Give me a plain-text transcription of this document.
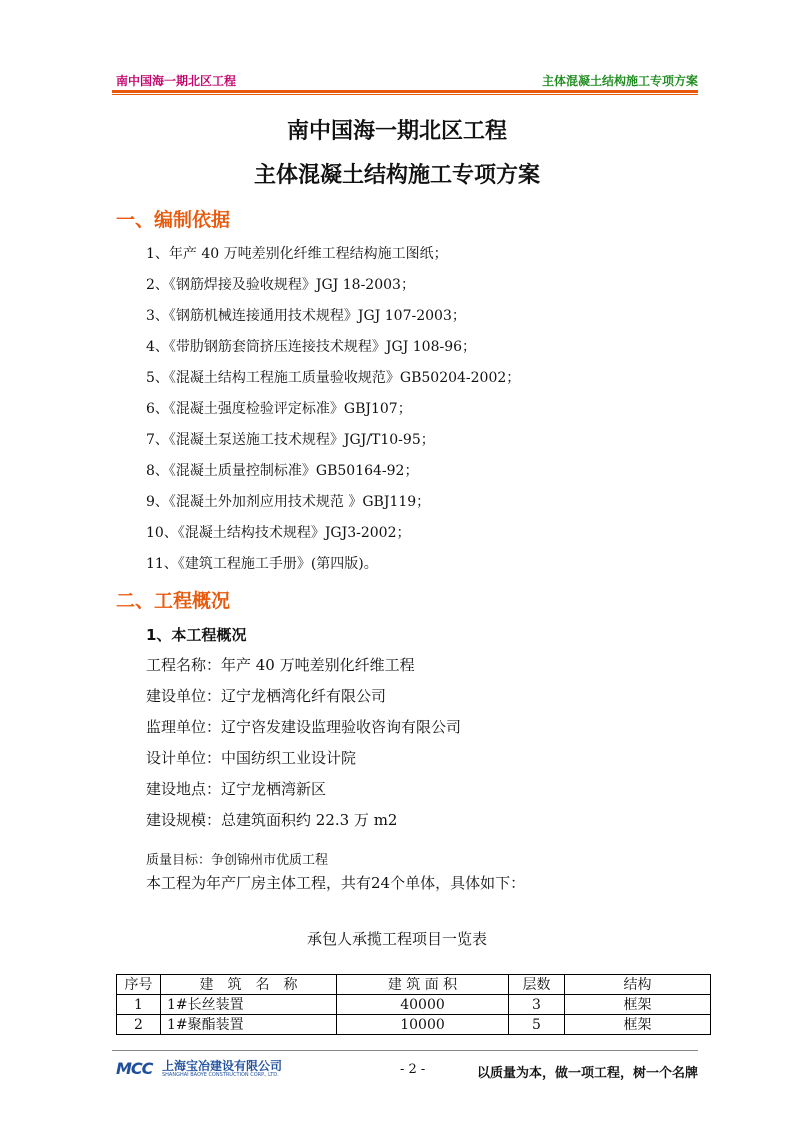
南中国海一期北区工程	主体混凝土结构施工专项方案
南中国海一期北区工程
主体混凝土结构施工专项方案
一、编制依据
1、年产 40 万吨差别化纤维工程结构施工图纸；
2、《钢筋焊接及验收规程》JGJ 18-2003；
3、《钢筋机械连接通用技术规程》JGJ 107-2003；
4、《带肋钢筋套筒挤压连接技术规程》JGJ 108-96；
5、《混凝土结构工程施工质量验收规范》GB50204-2002；
6、《混凝土强度检验评定标准》GBJ107；
7、《混凝土泵送施工技术规程》JGJ/T10-95；
8、《混凝土质量控制标准》GB50164-92；
9、《混凝土外加剂应用技术规范 》GBJ119；
10、《混凝土结构技术规程》JGJ3-2002；
11、《建筑工程施工手册》(第四版)。
二、工程概况
1、本工程概况
工程名称：年产 40 万吨差别化纤维工程
建设单位：辽宁龙栖湾化纤有限公司
监理单位：辽宁咨发建设监理验收咨询有限公司
设计单位：中国纺织工业设计院
建设地点：辽宁龙栖湾新区
建设规模：总建筑面积约 22.3 万 m2
质量目标：争创锦州市优质工程
本工程为年产厂房主体工程，共有24个单体，具体如下：
承包人承揽工程项目一览表
序号	建　筑　名　称	建 筑 面 积	层数	结构
1	1#长丝装置	40000	3	框架
2	1#聚酯装置	10000	5	框架
MCC 上海宝冶建设有限公司
SHANGHAI BAOYE CONSTRUCTION CORP., LTD.	- 2 -	以质量为本，做一项工程，树一个名牌
